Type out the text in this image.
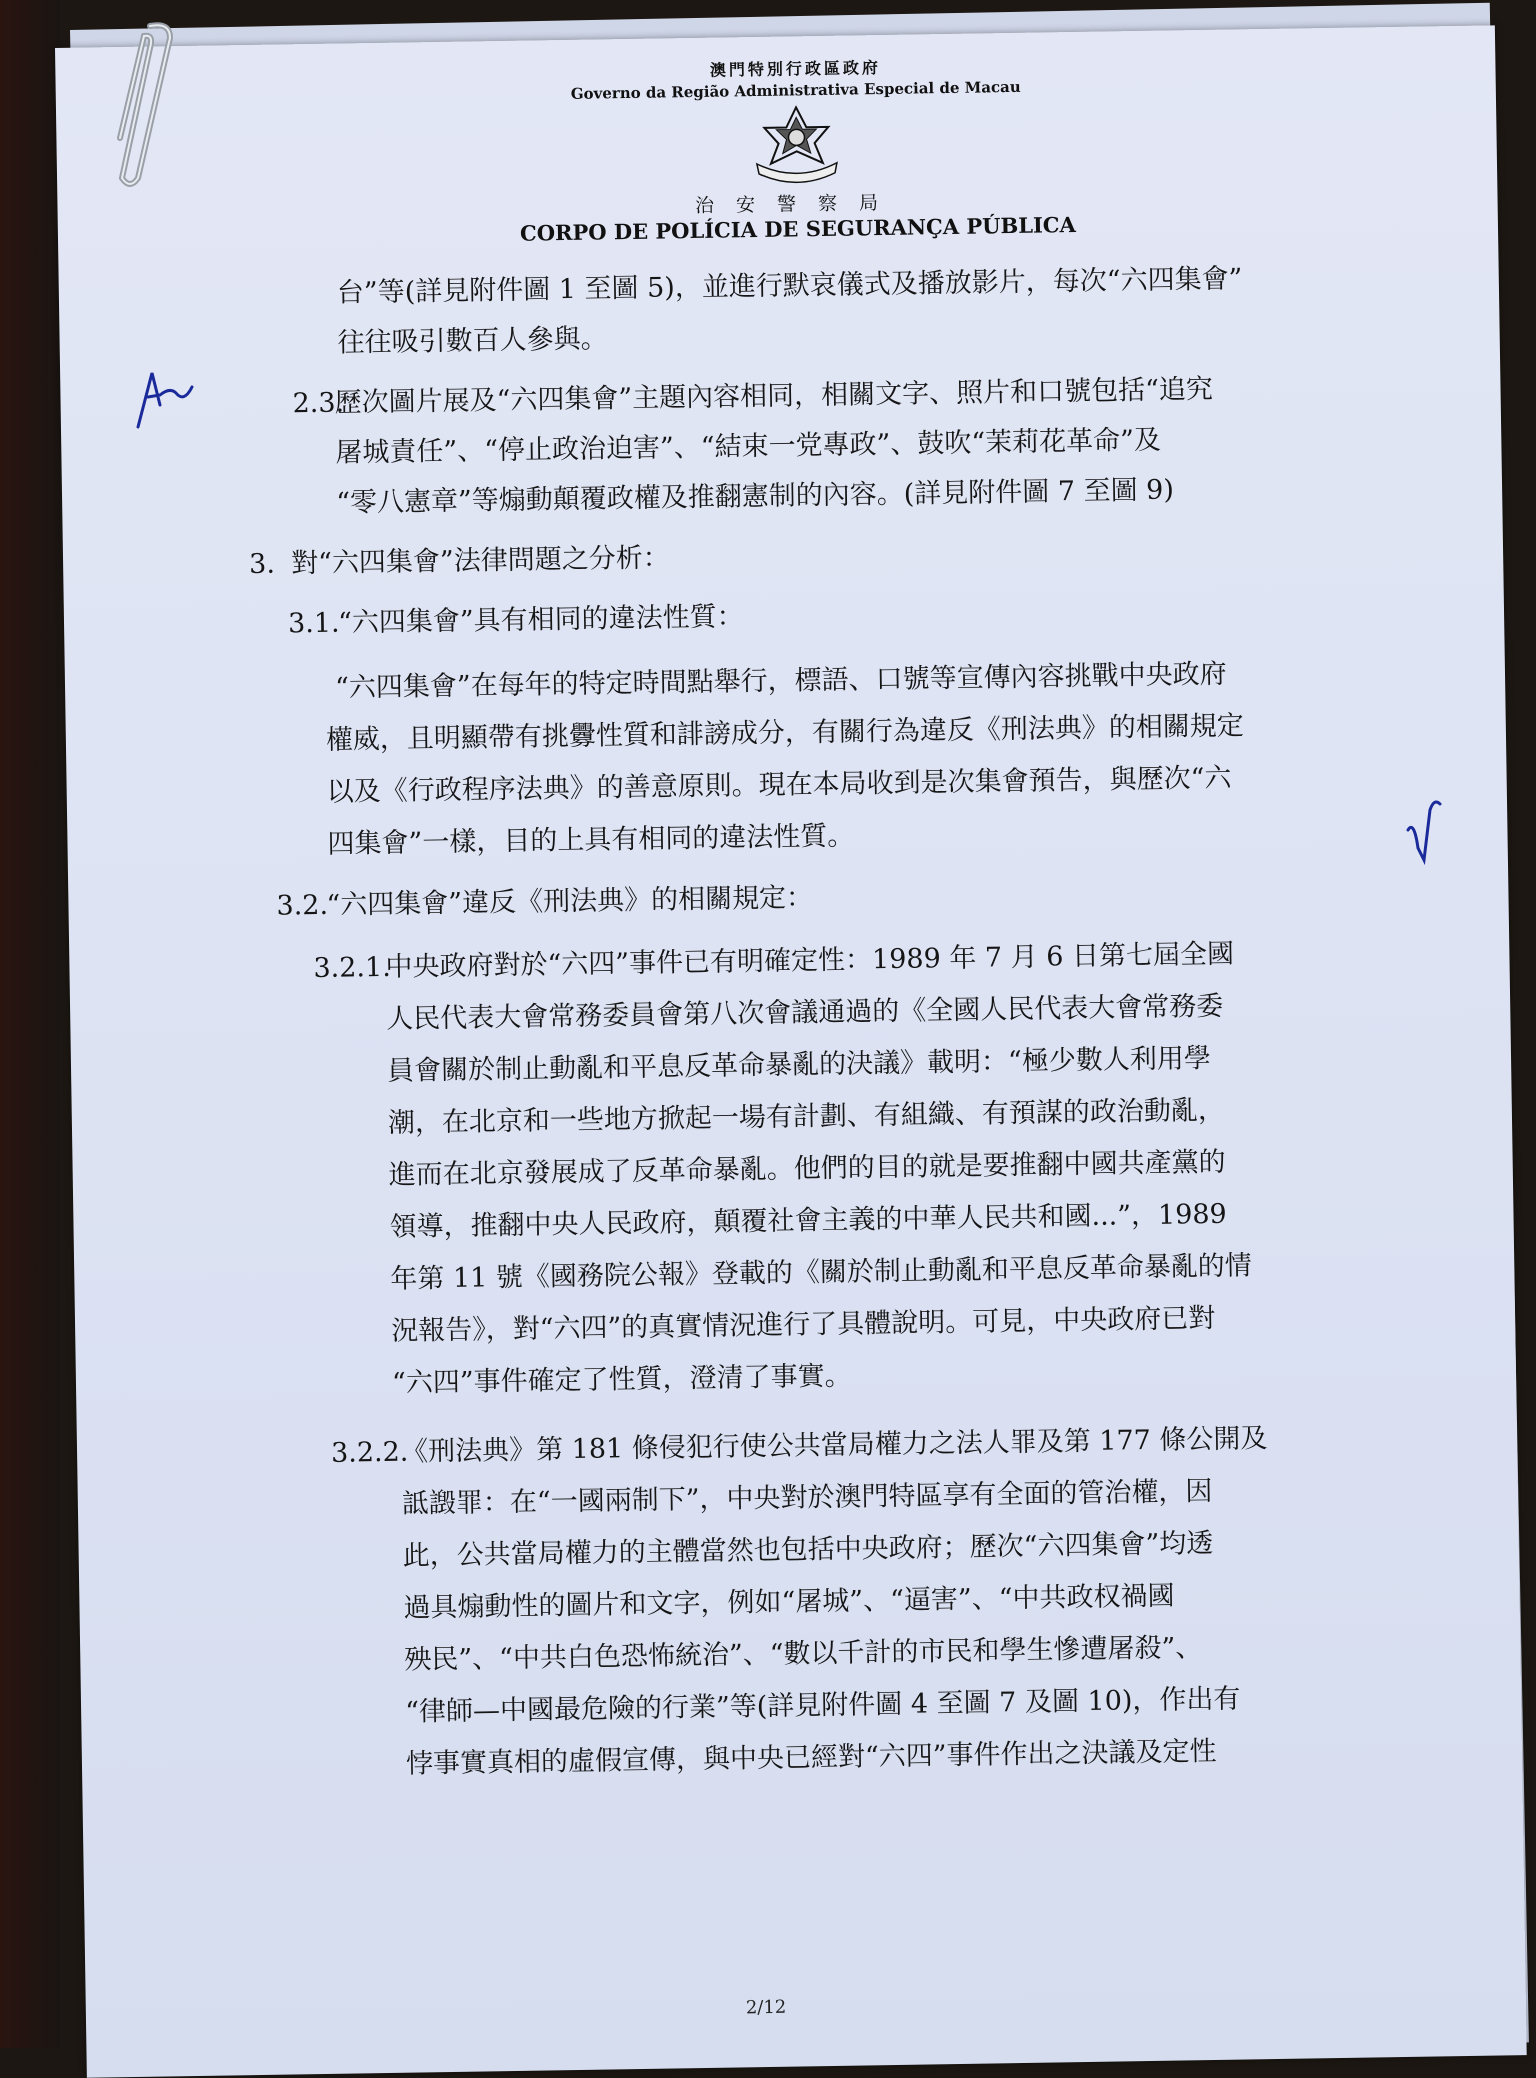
澳門特別行政區政府
Governo da Região Administrativa Especial de Macau
治安警察局
CORPO DE POLÍCIA DE SEGURANÇA PÚBLICA
台”等(詳見附件圖 1 至圖 5)，並進行默哀儀式及播放影片，每次“六四集會”
往往吸引數百人參與。
2.3.
歷次圖片展及“六四集會”主題內容相同，相關文字、照片和口號包括“追究
屠城責任”、“停止政治迫害”、“結束一党專政”、鼓吹“茉莉花革命”及
“零八憲章”等煽動顛覆政權及推翻憲制的內容。(詳見附件圖 7 至圖 9)
3. 對“六四集會”法律問題之分析：
3.1.
“六四集會”具有相同的違法性質：
“六四集會”在每年的特定時間點舉行，標語、口號等宣傳內容挑戰中央政府
權威，且明顯帶有挑釁性質和誹謗成分，有關行為違反《刑法典》的相關規定
以及《行政程序法典》的善意原則。現在本局收到是次集會預告，與歷次“六
四集會”一樣，目的上具有相同的違法性質。
3.2.
“六四集會”違反《刑法典》的相關規定：
3.2.1.
中央政府對於“六四”事件已有明確定性：1989 年 7 月 6 日第七屆全國
人民代表大會常務委員會第八次會議通過的《全國人民代表大會常務委
員會關於制止動亂和平息反革命暴亂的決議》載明：“極少數人利用學
潮，在北京和一些地方掀起一場有計劃、有組織、有預謀的政治動亂，
進而在北京發展成了反革命暴亂。他們的目的就是要推翻中國共產黨的
領導，推翻中央人民政府，顛覆社會主義的中華人民共和國...”，1989
年第 11 號《國務院公報》登載的《關於制止動亂和平息反革命暴亂的情
況報告》，對“六四”的真實情況進行了具體說明。可見，中央政府已對
“六四”事件確定了性質，澄清了事實。
3.2.2.
《刑法典》第 181 條侵犯行使公共當局權力之法人罪及第 177 條公開及
詆譭罪：在“一國兩制下”，中央對於澳門特區享有全面的管治權，因
此，公共當局權力的主體當然也包括中央政府；歷次“六四集會”均透
過具煽動性的圖片和文字，例如“屠城”、“逼害”、“中共政权禍國
殃民”、“中共白色恐怖統治”、“數以千計的市民和學生慘遭屠殺”、
“律師—中國最危險的行業”等(詳見附件圖 4 至圖 7 及圖 10)，作出有
悖事實真相的虛假宣傳，與中央已經對“六四”事件作出之決議及定性
2/12
